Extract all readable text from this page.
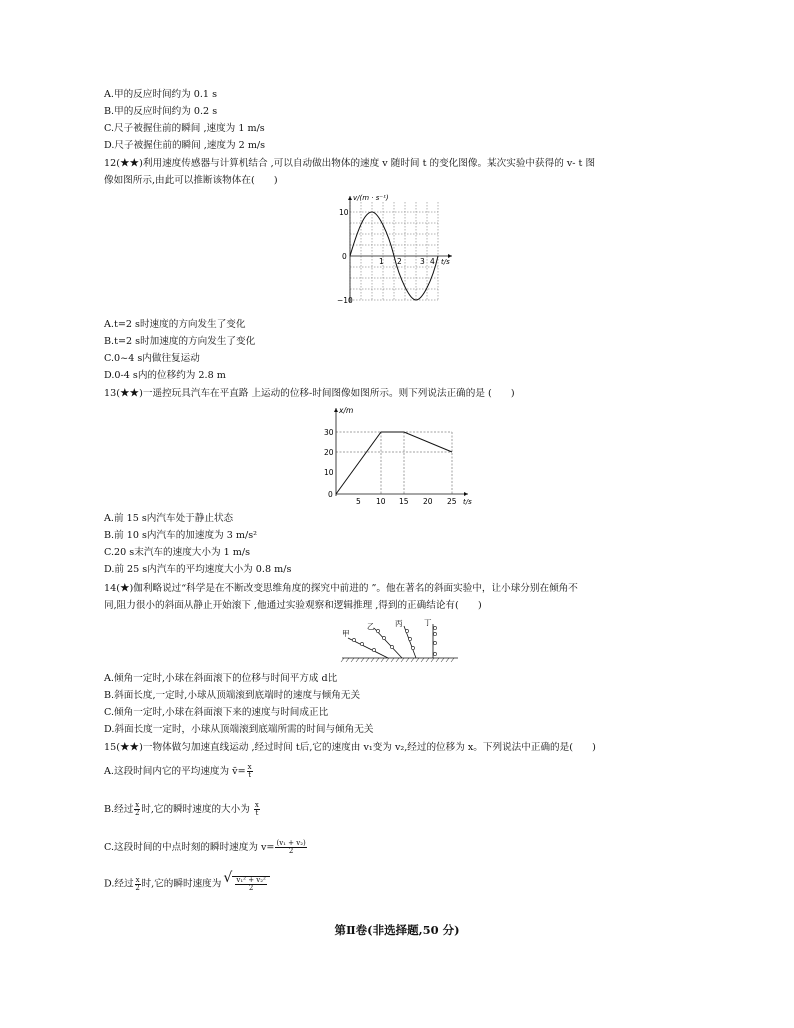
A.甲的反应时间约为 0.1 s
B.甲的反应时间约为 0.2 s
C.尺子被握住前的瞬间 ,速度为 1 m/s
D.尺子被握住前的瞬间 ,速度为 2 m/s
12(★★)利用速度传感器与计算机结合 ,可以自动做出物体的速度 v 随时间 t 的变化图像。某次实验中获得的 v- t 图
像如图所示,由此可以推断该物体在(　　)
v/(m · s⁻¹)
10
0
−10
1 2 3 4 t/s
A.t=2 s时速度的方向发生了变化
B.t=2 s时加速度的方向发生了变化
C.0~4 s内做往复运动
D.0-4 s内的位移约为 2.8 m
13(★★)一遥控玩具汽车在平直路 上运动的位移-时间图像如图所示。则下列说法正确的是 (　　)
x/m
30
20
10
0
5 10 15 20 25 t/s
A.前 15 s内汽车处于静止状态
B.前 10 s内汽车的加速度为 3 m/s²
C.20 s末汽车的速度大小为 1 m/s
D.前 25 s内汽车的平均速度大小为 0.8 m/s
14(★)伽利略说过“科学是在不断改变思维角度的探究中前进的 ”。他在著名的斜面实验中，让小球分别在倾角不
同,阻力很小的斜面从静止开始滚下 ,他通过实验观察和逻辑推理 ,得到的正确结论有(　　)
甲
乙	丙	丁
A.倾角一定时,小球在斜面滚下的位移与时间平方成 d比
B.斜面长度,一定时,小球从顶端滚到底端时的速度与倾角无关
C.倾角一定时,小球在斜面滚下来的速度与时间成正比
D.斜面长度一定时，小球从顶端滚到底端所需的时间与倾角无关
15(★★)一物体做匀加速直线运动 ,经过时间 t后,它的速度由 v₁变为 v₂,经过的位移为 x。下列说法中正确的是(　　)
A.这段时间内它的平均速度为 v̄= $\frac{x}{t}$
B.经过 $\frac{x}{2}$ 时,它的瞬时速度的大小为 $\frac{x}{t}$
C.这段时间的中点时刻的瞬时速度为 $v= \frac{\text{(v₁ + v₂)}}{2}$
D.经过 $\frac{x}{2}$ 时,它的瞬时速度为
√ $\frac{\text{v₁² + v₂²}}{2}$
第Ⅱ卷(非选择题,50 分)
